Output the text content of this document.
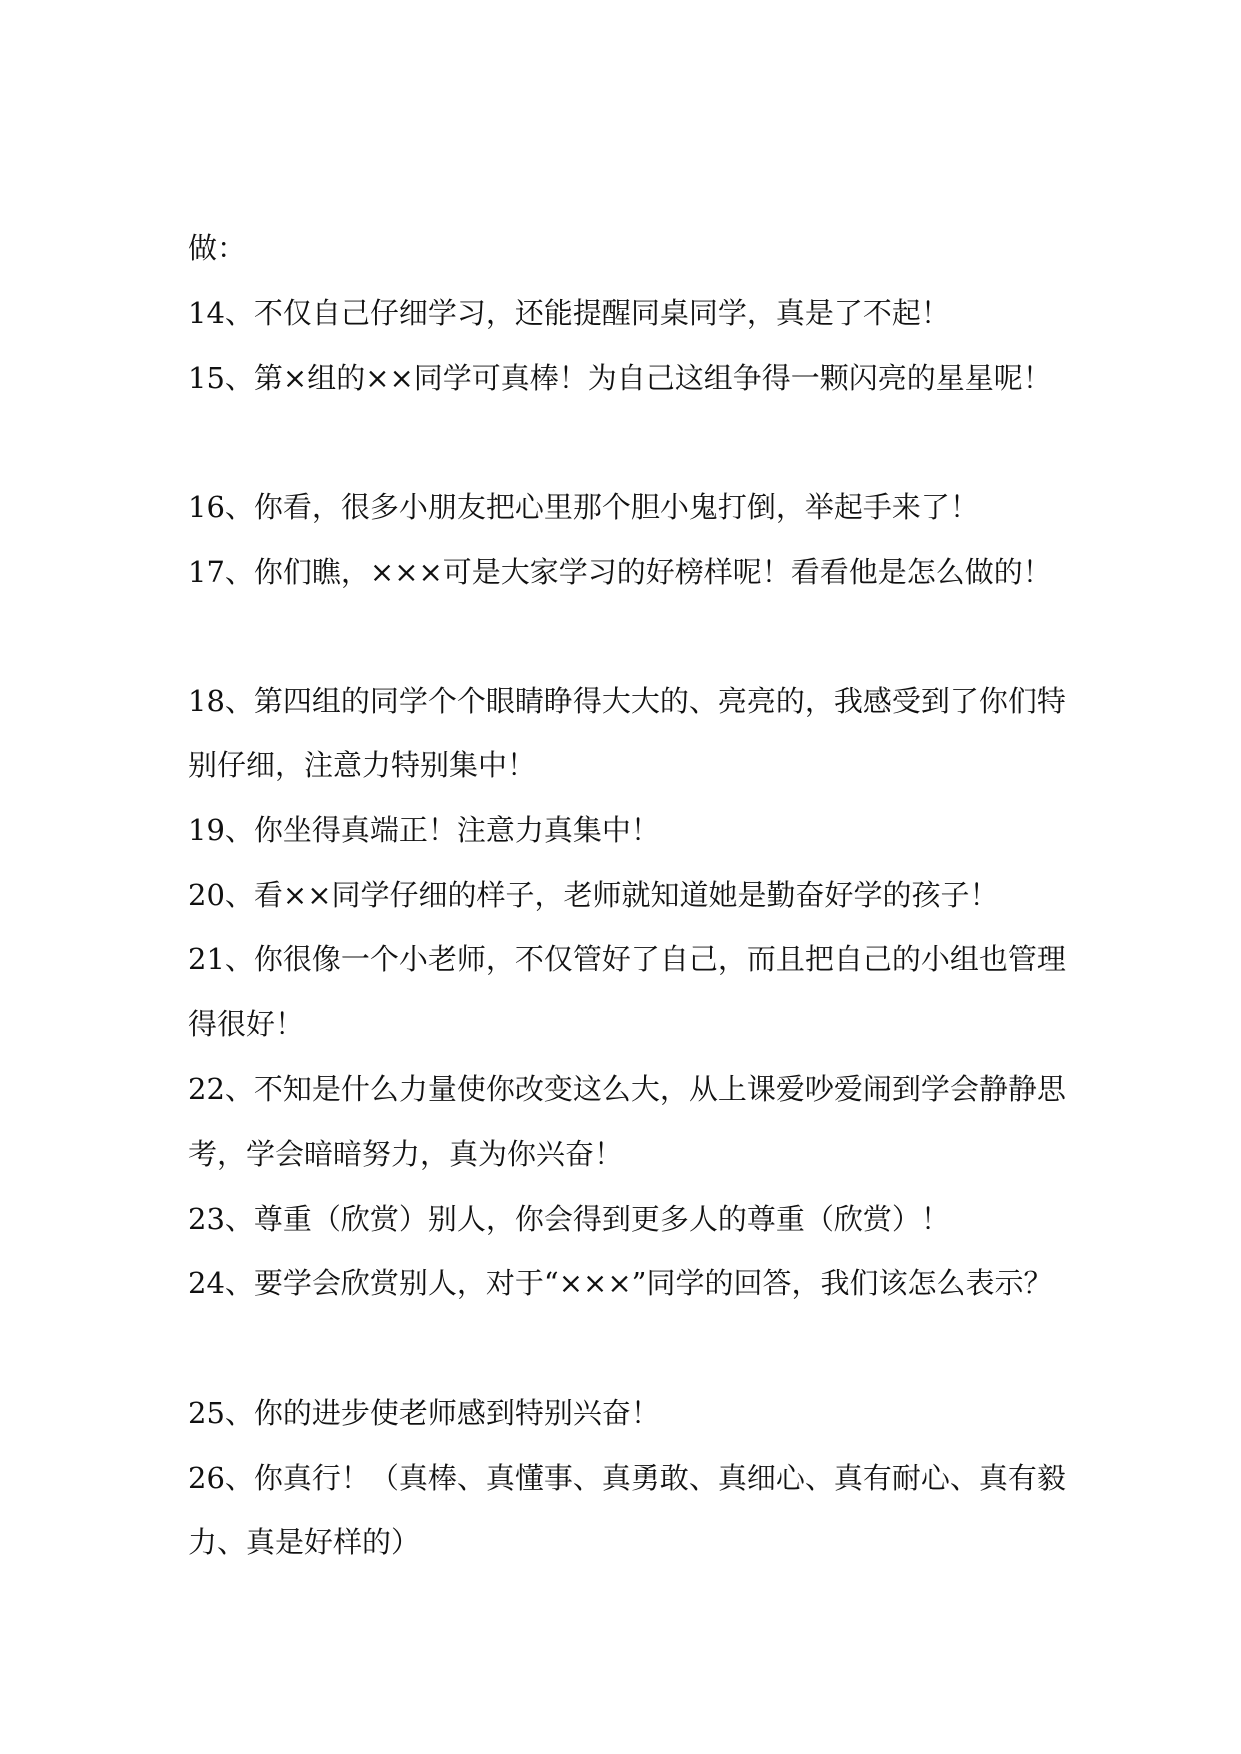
做：
14、不仅自己仔细学习，还能提醒同桌同学，真是了不起！
15、第×组的××同学可真棒！为自己这组争得一颗闪亮的星星呢！
16、你看，很多小朋友把心里那个胆小鬼打倒，举起手来了！
17、你们瞧，×××可是大家学习的好榜样呢！看看他是怎么做的！
18、第四组的同学个个眼睛睁得大大的、亮亮的，我感受到了你们特
别仔细，注意力特别集中！
19、你坐得真端正！注意力真集中！
20、看××同学仔细的样子，老师就知道她是勤奋好学的孩子！
21、你很像一个小老师，不仅管好了自己，而且把自己的小组也管理
得很好！
22、不知是什么力量使你改变这么大，从上课爱吵爱闹到学会静静思
考，学会暗暗努力，真为你兴奋！
23、尊重（欣赏）别人，你会得到更多人的尊重（欣赏）！
24、要学会欣赏别人，对于“×××”同学的回答，我们该怎么表示？
25、你的进步使老师感到特别兴奋！
26、你真行！（真棒、真懂事、真勇敢、真细心、真有耐心、真有毅
力、真是好样的）
